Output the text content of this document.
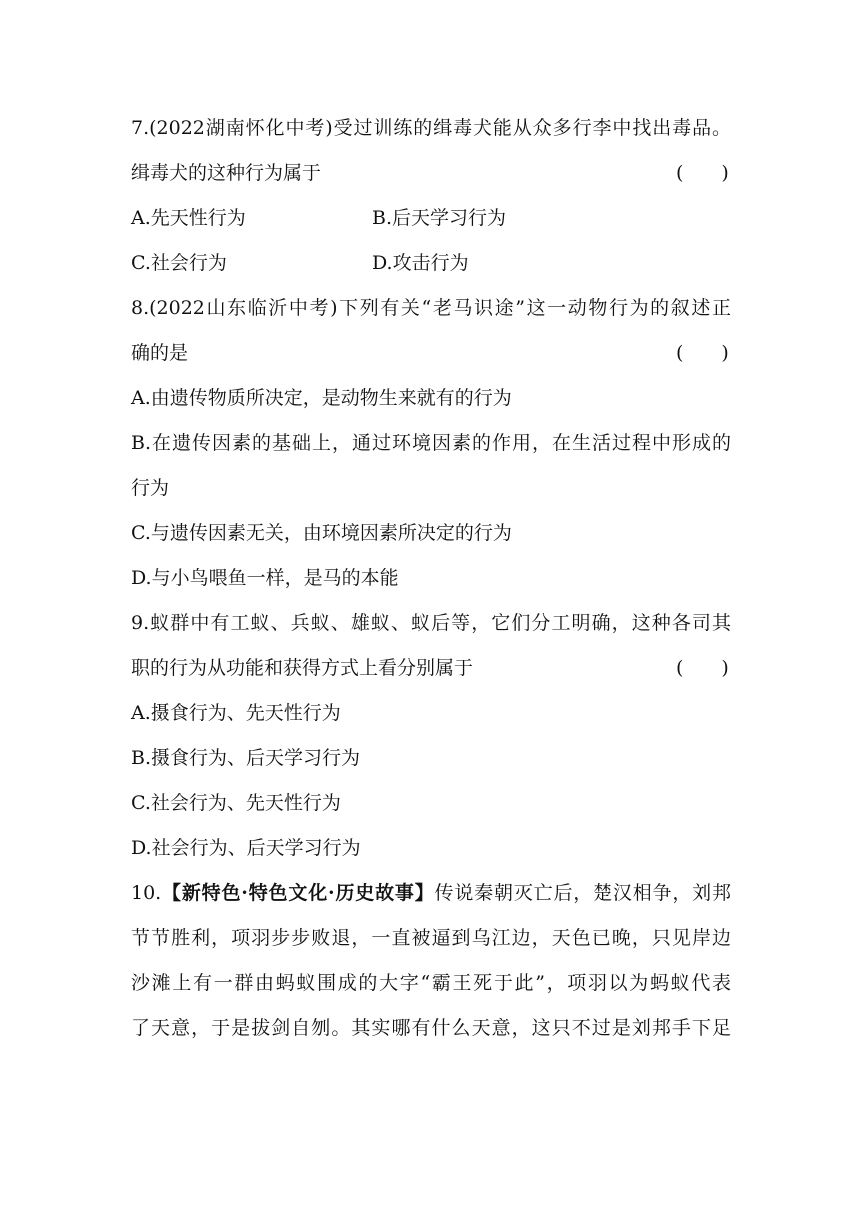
7.(2022湖南怀化中考)受过训练的缉毒犬能从众多行李中找出毒品。
缉毒犬的这种行为属于	(　　)
A.先天性行为	B.后天学习行为
C.社会行为	D.攻击行为
8.(2022山东临沂中考)下列有关“老马识途”这一动物行为的叙述正
确的是	(　　)
A.由遗传物质所决定，是动物生来就有的行为
B.在遗传因素的基础上，通过环境因素的作用，在生活过程中形成的
行为
C.与遗传因素无关，由环境因素所决定的行为
D.与小鸟喂鱼一样，是马的本能
9.蚁群中有工蚁、兵蚁、雄蚁、蚁后等，它们分工明确，这种各司其
职的行为从功能和获得方式上看分别属于	(　　)
A.摄食行为、先天性行为
B.摄食行为、后天学习行为
C.社会行为、先天性行为
D.社会行为、后天学习行为
10.【新特色·特色文化·历史故事】传说秦朝灭亡后，楚汉相争，刘邦
节节胜利，项羽步步败退，一直被逼到乌江边，天色已晚，只见岸边
沙滩上有一群由蚂蚁围成的大字“霸王死于此”，项羽以为蚂蚁代表
了天意，于是拔剑自刎。其实哪有什么天意，这只不过是刘邦手下足
